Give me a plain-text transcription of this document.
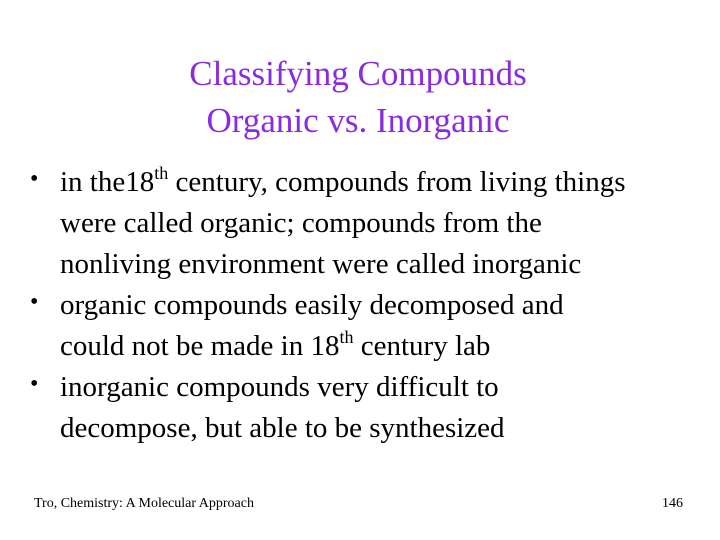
Classifying Compounds
Organic vs. Inorganic
• in the18th century, compounds from living things
were called organic; compounds from the
nonliving environment were called inorganic
• organic compounds easily decomposed and
could not be made in 18th century lab
• inorganic compounds very difficult to
decompose, but able to be synthesized
Tro, Chemistry: A Molecular Approach	146
